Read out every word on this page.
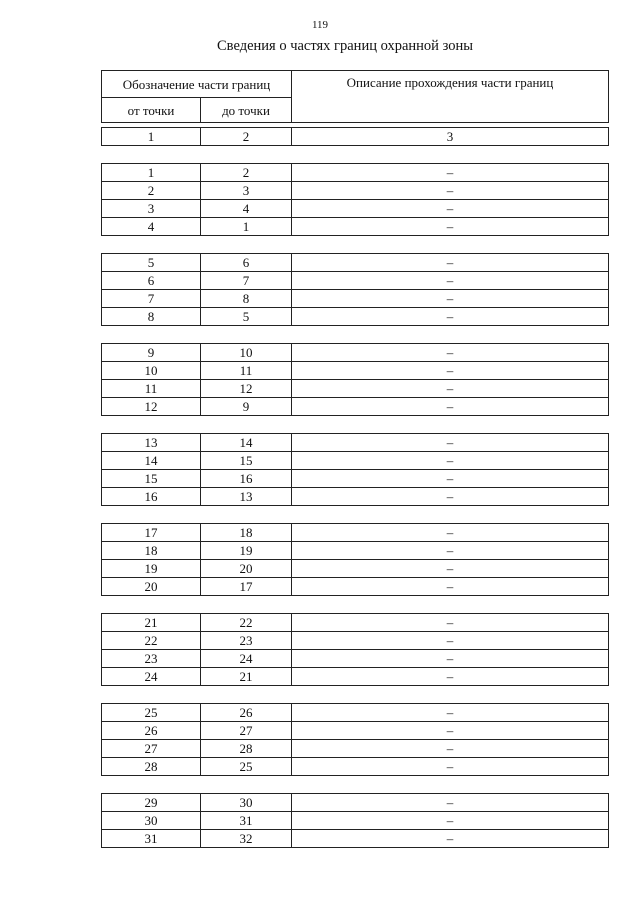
119
Сведения о частях границ охранной зоны
Обозначение части границ		Описание прохождения части границ
от точки	до точки	

1	2	3

1	2	–
2	3	–
3	4	–
4	1	–

5	6	–
6	7	–
7	8	–
8	5	–

9	10	–
10	11	–
11	12	–
12	9	–

13	14	–
14	15	–
15	16	–
16	13	–

17	18	–
18	19	–
19	20	–
20	17	–

21	22	–
22	23	–
23	24	–
24	21	–

25	26	–
26	27	–
27	28	–
28	25	–

29	30	–
30	31	–
31	32	–
